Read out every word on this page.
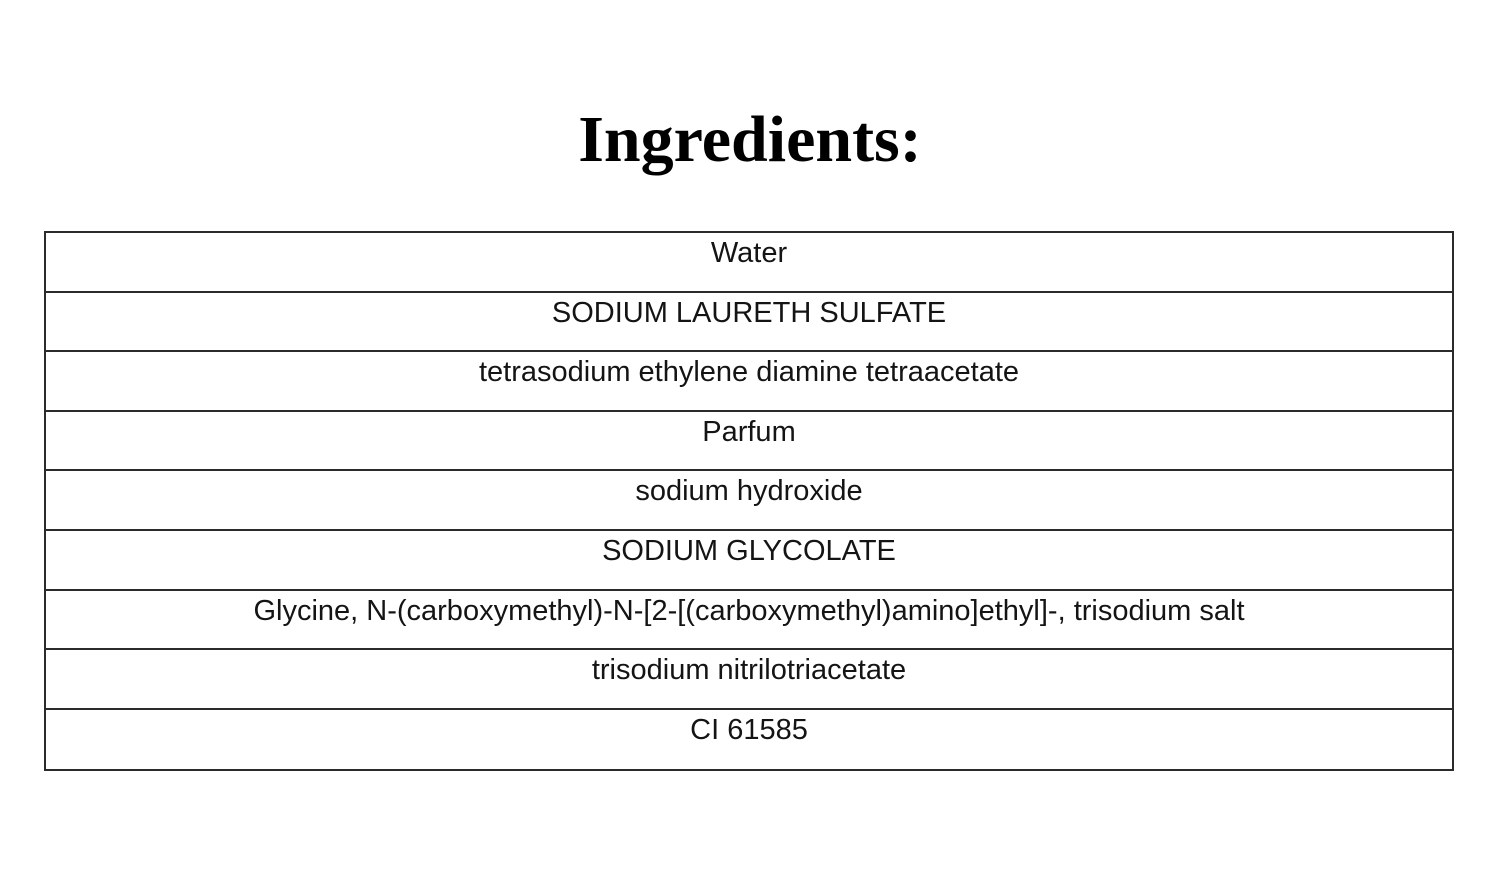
Ingredients:
Water
SODIUM LAURETH SULFATE
tetrasodium ethylene diamine tetraacetate
Parfum
sodium hydroxide
SODIUM GLYCOLATE
Glycine, N-(carboxymethyl)-N-[2-[(carboxymethyl)amino]ethyl]-, trisodium salt
trisodium nitrilotriacetate
CI 61585
